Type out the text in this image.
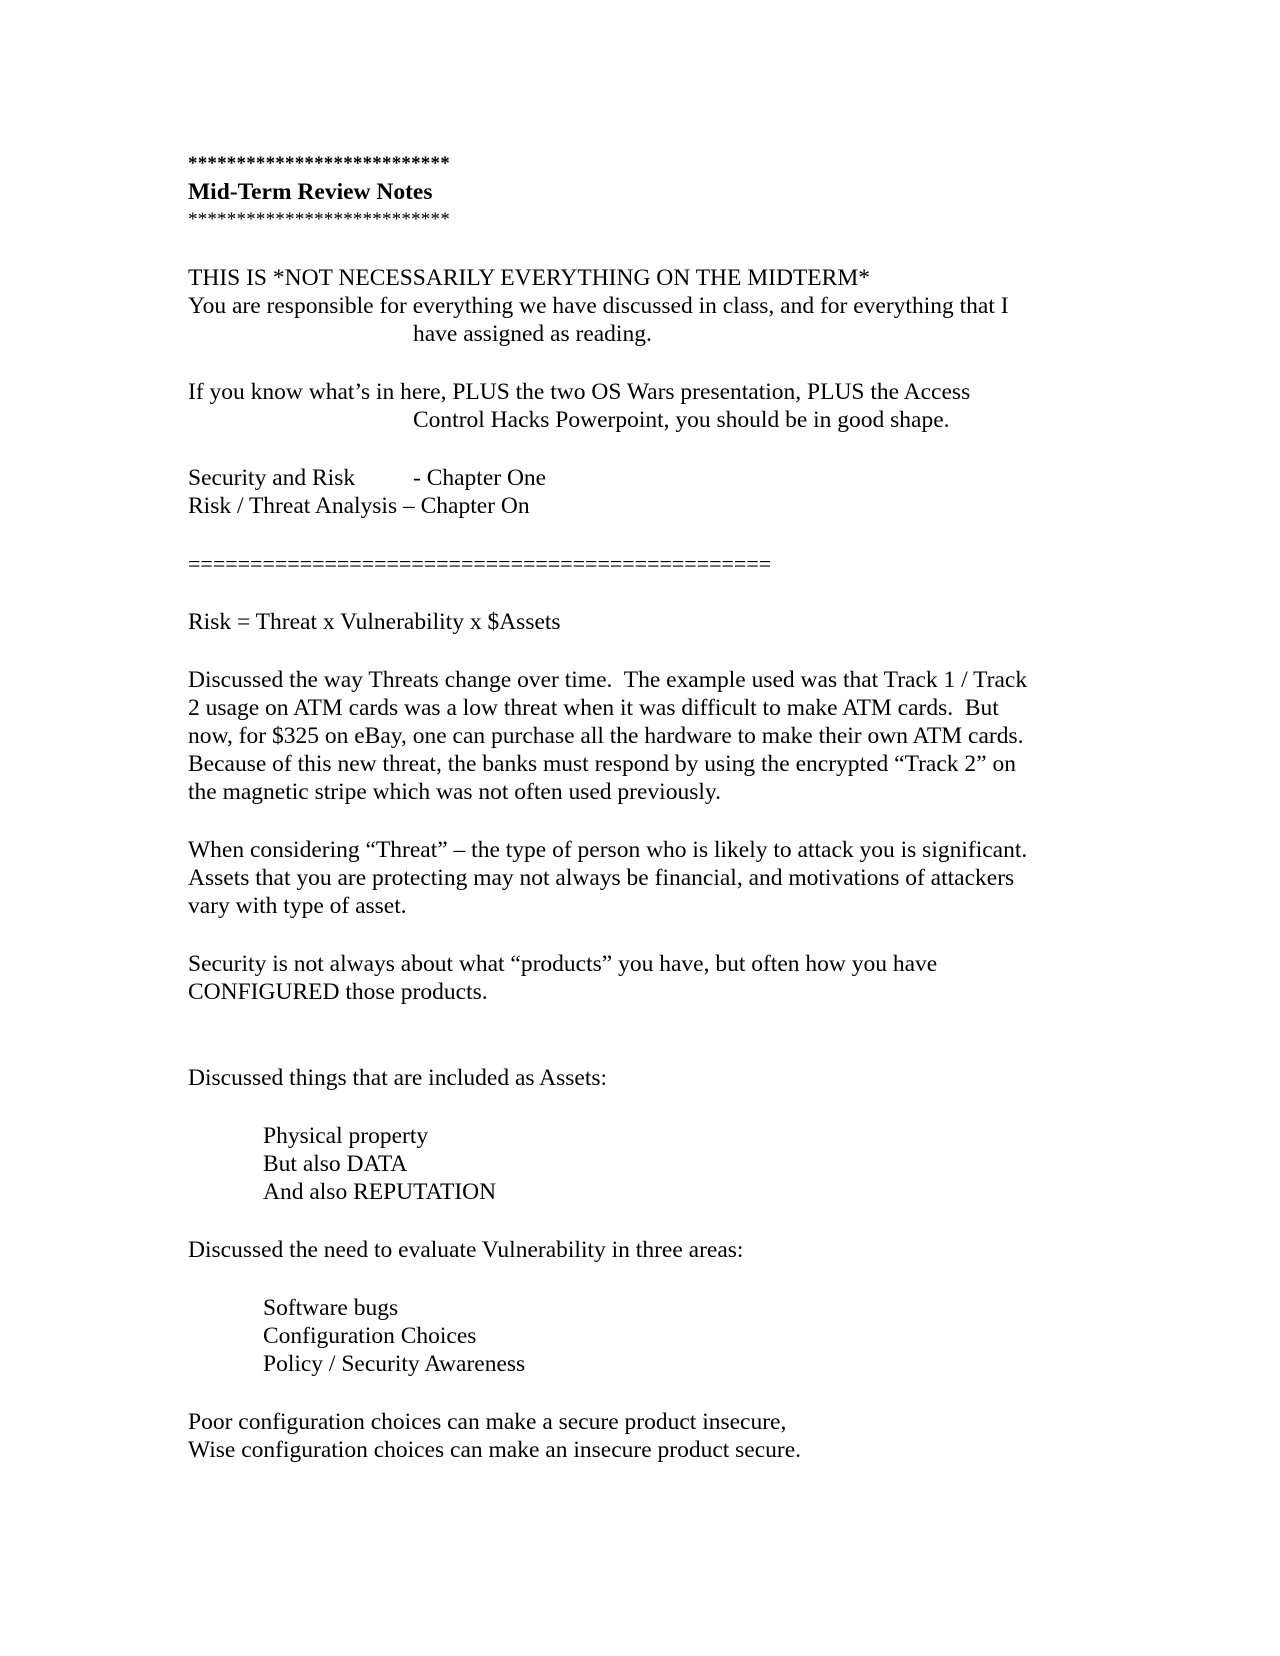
***************************

Mid-Term Review Notes

***************************

THIS IS *NOT NECESSARILY EVERYTHING ON THE MIDTERM*

You are responsible for everything we have discussed in class, and for everything that I

have assigned as reading.

If you know what’s in here, PLUS the two OS Wars presentation, PLUS the Access

Control Hacks Powerpoint, you should be in good shape.

Security and Risk - Chapter One

Risk / Threat Analysis – Chapter On

===============================================

Risk = Threat x Vulnerability x $Assets

Discussed the way Threats change over time.  The example used was that Track 1 / Track

2 usage on ATM cards was a low threat when it was difficult to make ATM cards.  But

now, for $325 on eBay, one can purchase all the hardware to make their own ATM cards.

Because of this new threat, the banks must respond by using the encrypted “Track 2” on

the magnetic stripe which was not often used previously.

When considering “Threat” – the type of person who is likely to attack you is significant.

Assets that you are protecting may not always be financial, and motivations of attackers

vary with type of asset.

Security is not always about what “products” you have, but often how you have

CONFIGURED those products.

Discussed things that are included as Assets:

Physical property

But also DATA

And also REPUTATION

Discussed the need to evaluate Vulnerability in three areas:

Software bugs

Configuration Choices

Policy / Security Awareness

Poor configuration choices can make a secure product insecure,

Wise configuration choices can make an insecure product secure.
